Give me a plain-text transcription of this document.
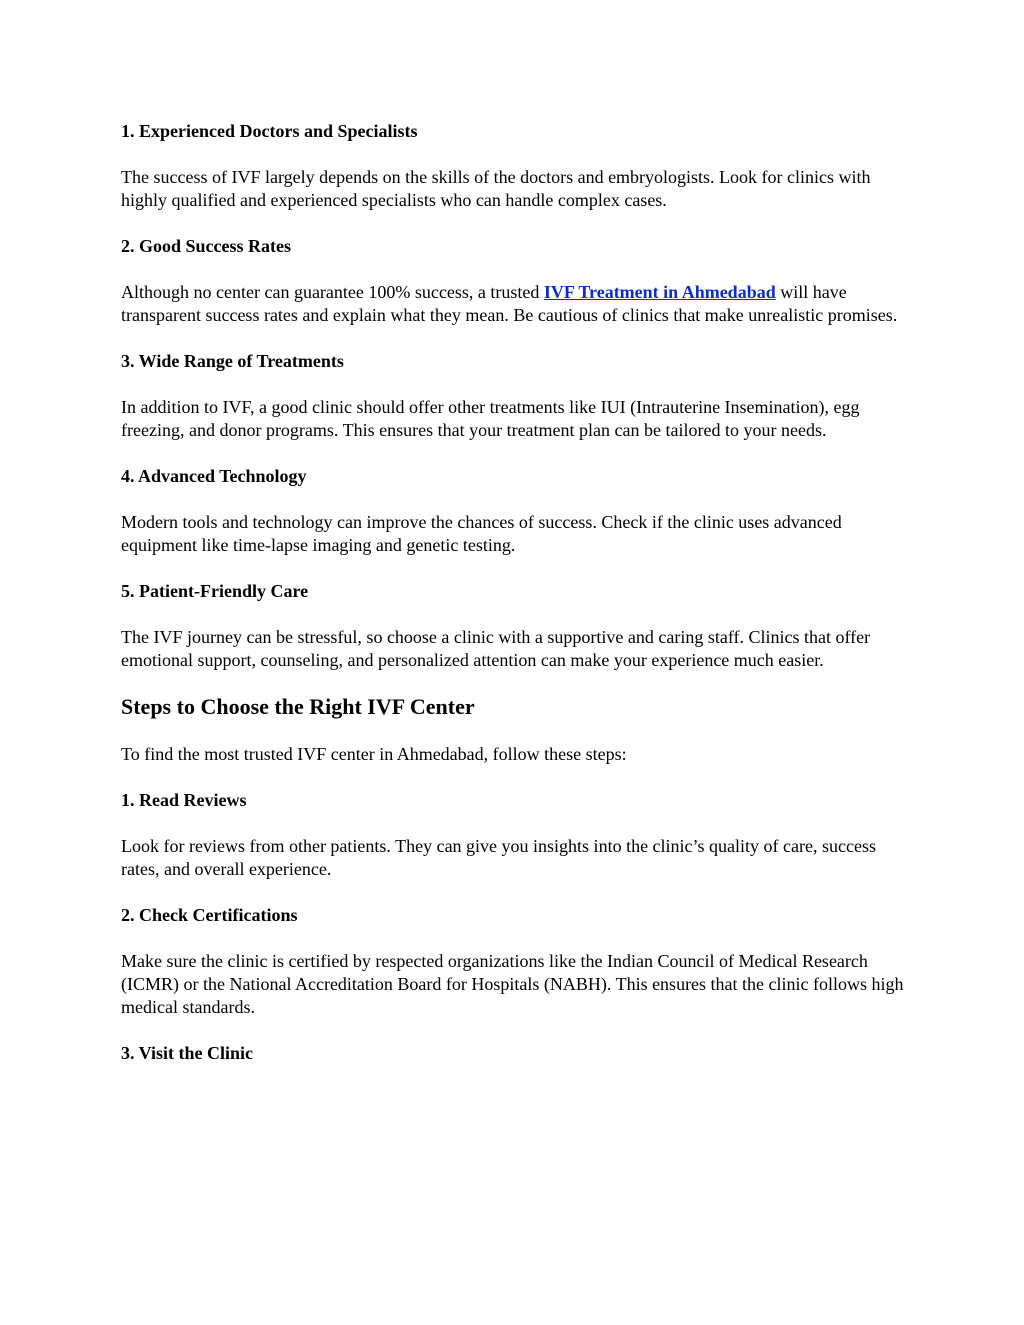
1. Experienced Doctors and Specialists
The success of IVF largely depends on the skills of the doctors and embryologists. Look for clinics with highly qualified and experienced specialists who can handle complex cases.
2. Good Success Rates
Although no center can guarantee 100% success, a trusted IVF Treatment in Ahmedabad will have transparent success rates and explain what they mean. Be cautious of clinics that make unrealistic promises.
3. Wide Range of Treatments
In addition to IVF, a good clinic should offer other treatments like IUI (Intrauterine Insemination), egg freezing, and donor programs. This ensures that your treatment plan can be tailored to your needs.
4. Advanced Technology
Modern tools and technology can improve the chances of success. Check if the clinic uses advanced equipment like time-lapse imaging and genetic testing.
5. Patient-Friendly Care
The IVF journey can be stressful, so choose a clinic with a supportive and caring staff. Clinics that offer emotional support, counseling, and personalized attention can make your experience much easier.
Steps to Choose the Right IVF Center
To find the most trusted IVF center in Ahmedabad, follow these steps:
1. Read Reviews
Look for reviews from other patients. They can give you insights into the clinic’s quality of care, success rates, and overall experience.
2. Check Certifications
Make sure the clinic is certified by respected organizations like the Indian Council of Medical Research (ICMR) or the National Accreditation Board for Hospitals (NABH). This ensures that the clinic follows high medical standards.
3. Visit the Clinic
